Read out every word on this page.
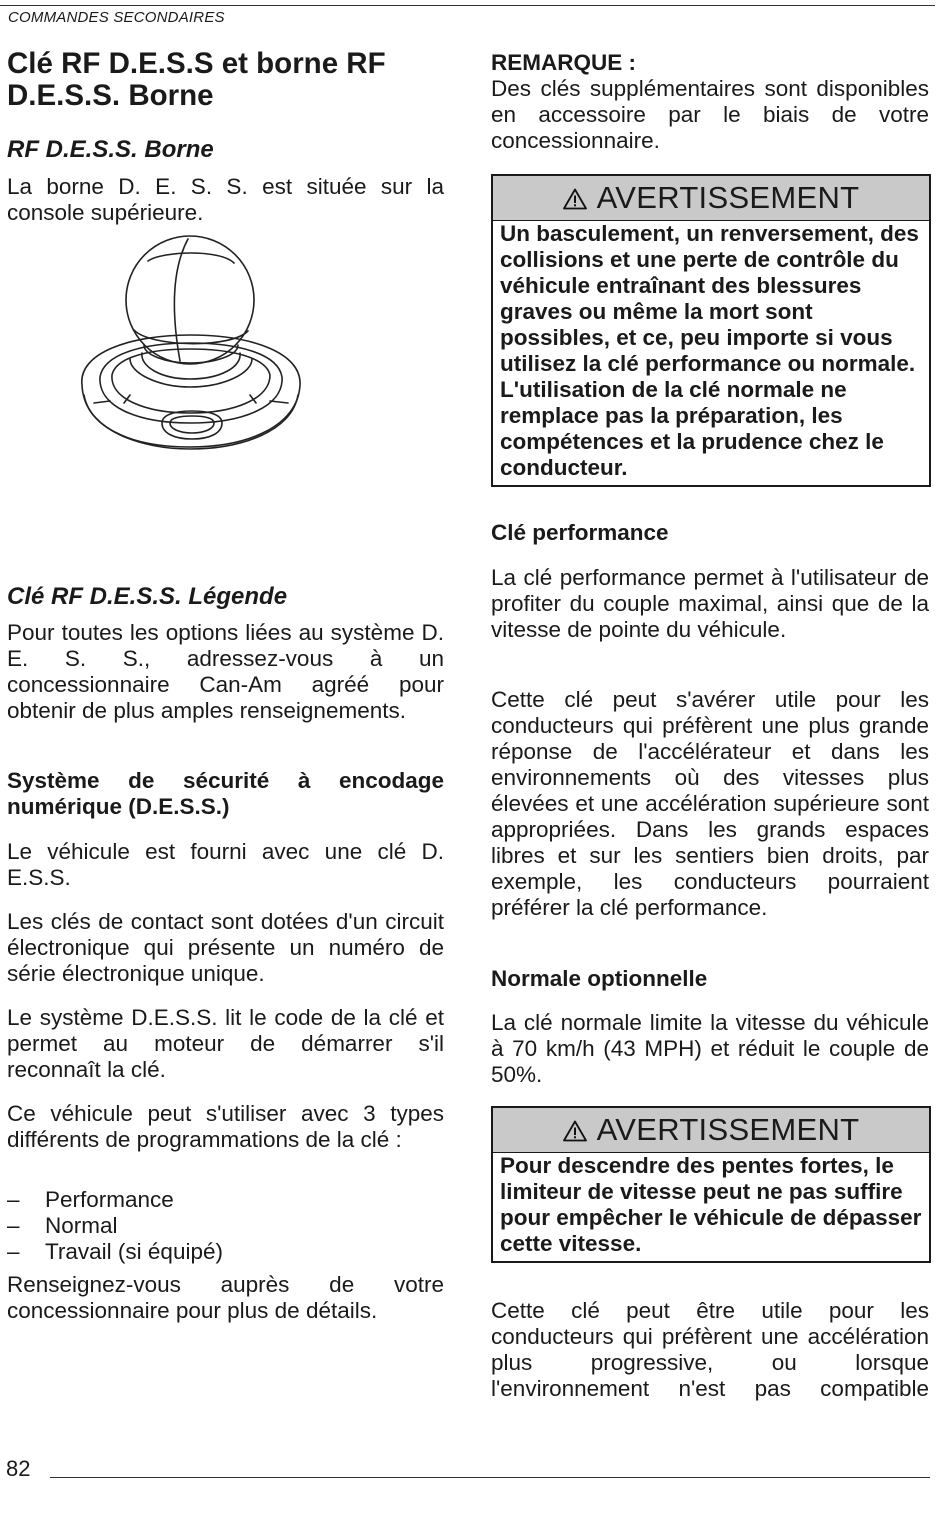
COMMANDES SECONDAIRES
Clé RF D.E.S.S et borne RF D.E.S.S. Borne
RF D.E.S.S. Borne

La borne D. E. S. S. est située sur la console supérieure.

Clé RF D.E.S.S. Légende

Pour toutes les options liées au système D. E. S. S., adressez-vous à un concessionnaire Can-Am agréé pour obtenir de plus amples renseignements.

Système de sécurité à encodage numérique (D.E.S.S.)

Le véhicule est fourni avec une clé D. E.S.S.

Les clés de contact sont dotées d'un circuit électronique qui présente un numéro de série électronique unique.

Le système D.E.S.S. lit le code de la clé et permet au moteur de démarrer s'il reconnaît la clé.

Ce véhicule peut s'utiliser avec 3 types différents de programmations de la clé :

– Performance
– Normal
– Travail (si équipé)

Renseignez-vous auprès de votre concessionnaire pour plus de détails.

REMARQUE :

Des clés supplémentaires sont disponibles en accessoire par le biais de votre concessionnaire.

AVERTISSEMENT
Un basculement, un renversement, des collisions et une perte de contrôle du véhicule entraînant des blessures graves ou même la mort sont possibles, et ce, peu importe si vous utilisez la clé performance ou normale. L'utilisation de la clé normale ne remplace pas la préparation, les compétences et la prudence chez le conducteur.
Clé performance

La clé performance permet à l'utilisateur de profiter du couple maximal, ainsi que de la vitesse de pointe du véhicule.

Cette clé peut s'avérer utile pour les conducteurs qui préfèrent une plus grande réponse de l'accélérateur et dans les environnements où des vitesses plus élevées et une accélération supérieure sont appropriées. Dans les grands espaces libres et sur les sentiers bien droits, par exemple, les conducteurs pourraient préférer la clé performance.

Normale optionnelle

La clé normale limite la vitesse du véhicule à 70 km/h (43 MPH) et réduit le couple de 50%.

AVERTISSEMENT
Pour descendre des pentes fortes, le limiteur de vitesse peut ne pas suffire pour empêcher le véhicule de dépasser cette vitesse.

Cette clé peut être utile pour les conducteurs qui préfèrent une accélération plus progressive, ou lorsque l'environnement n'est pas compatible

82
